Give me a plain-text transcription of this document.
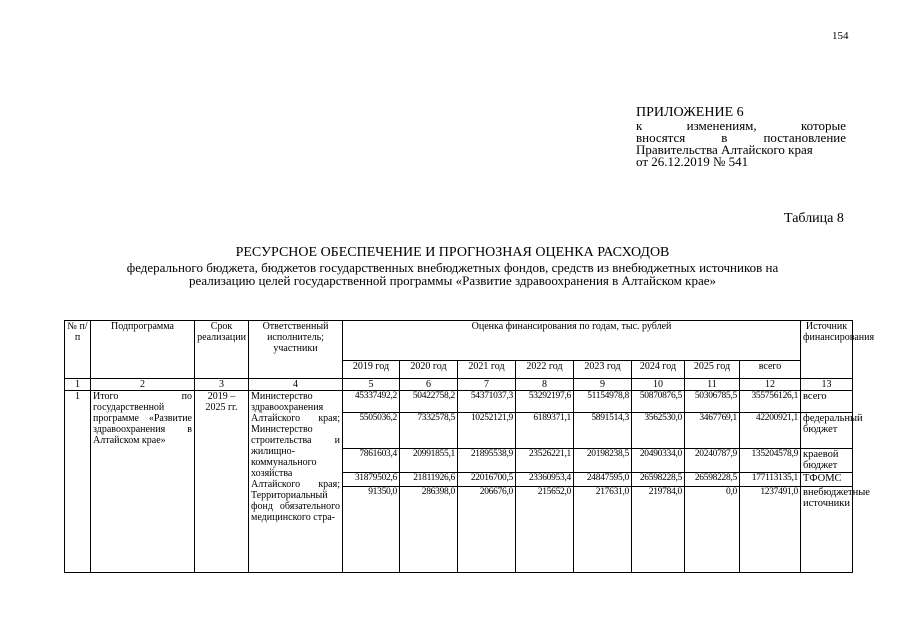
154
ПРИЛОЖЕНИЕ 6
к изменениям, которые
вносятся в постановление
Правительства Алтайского края
от 26.12.2019 № 541
Таблица 8
РЕСУРСНОЕ ОБЕСПЕЧЕНИЕ И ПРОГНОЗНАЯ ОЦЕНКА РАСХОДОВ
федерального бюджета, бюджетов государственных внебюджетных фондов, средств из внебюджетных источников на
реализацию целей государственной программы «Развитие здравоохранения в Алтайском крае»
№ п/п	Подпрограмма	Срок реализации	Ответственный исполнитель; участники	Оценка финансирования по годам, тыс. рублей								Источник финансирования
				2019 год	2020 год	2021 год	2022 год	2023 год	2024 год	2025 год	всего	
1	2	3	4	5	6	7	8	9	10	11	12	13
1	Итого по государственной программе «Развитие здравоохранения в Алтайском крае»	2019 – 2025 гг.	Министерство здравоохранения Алтайского края; Министерство строительства и жилищно-коммунального хозяйства Алтайского края; Территориальный фонд обязательного медицинского стра-	45337492,2	50422758,2	54371037,3	53292197,6	51154978,8	50870876,5	50306785,5	355756126,1	всего
				5505036,2	7332578,5	10252121,9	6189371,1	5891514,3	3562530,0	3467769,1	42200921,1	федеральный бюджет
				7861603,4	20991855,1	21895538,9	23526221,1	20198238,5	20490334,0	20240787,9	135204578,9	краевой бюджет
				31879502,6	21811926,6	22016700,5	23360953,4	24847595,0	26598228,5	26598228,5	177113135,1	ТФОМС
				91350,0	286398,0	206676,0	215652,0	217631,0	219784,0	0,0	1237491,0	внебюджетные источники
